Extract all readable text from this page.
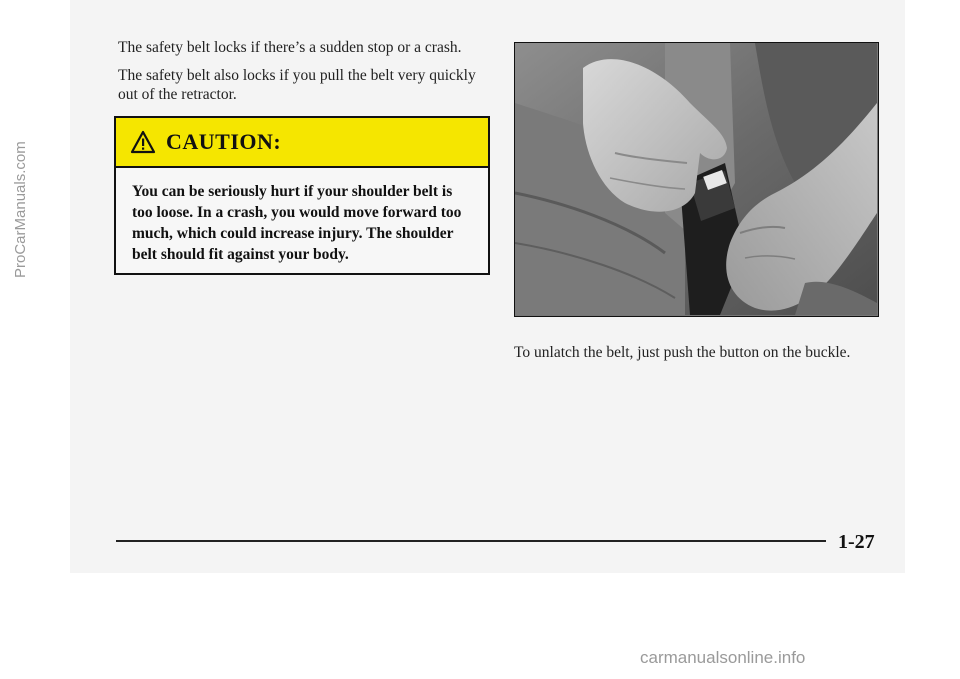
ProCarManuals.com

The safety belt locks if there’s a sudden stop or a crash.

The safety belt also locks if you pull the belt very quickly out of the retractor.

CAUTION:

You can be seriously hurt if your shoulder belt is too loose. In a crash, you would move forward too much, which could increase injury. The shoulder belt should fit against your body.

To unlatch the belt, just push the button on the buckle.

1-27
carmanualsonline.info
